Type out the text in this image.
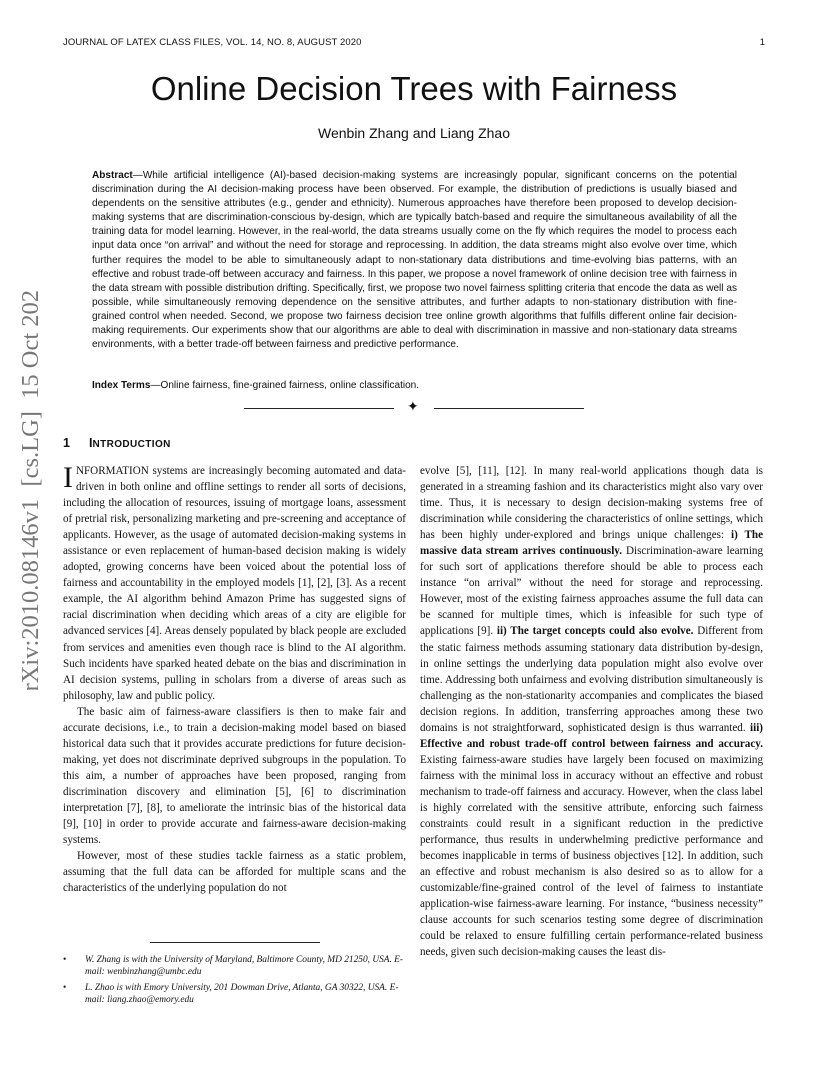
JOURNAL OF LATEX CLASS FILES, VOL. 14, NO. 8, AUGUST 2020	1
Online Decision Trees with Fairness
Wenbin Zhang and Liang Zhao
Abstract—While artificial intelligence (AI)-based decision-making systems are increasingly popular, significant concerns on the potential discrimination during the AI decision-making process have been observed. For example, the distribution of predictions is usually biased and dependents on the sensitive attributes (e.g., gender and ethnicity). Numerous approaches have therefore been proposed to develop decision-making systems that are discrimination-conscious by-design, which are typically batch-based and require the simultaneous availability of all the training data for model learning. However, in the real-world, the data streams usually come on the fly which requires the model to process each input data once “on arrival” and without the need for storage and reprocessing. In addition, the data streams might also evolve over time, which further requires the model to be able to simultaneously adapt to non-stationary data distributions and time-evolving bias patterns, with an effective and robust trade-off between accuracy and fairness. In this paper, we propose a novel framework of online decision tree with fairness in the data stream with possible distribution drifting. Specifically, first, we propose two novel fairness splitting criteria that encode the data as well as possible, while simultaneously removing dependence on the sensitive attributes, and further adapts to non-stationary distribution with fine-grained control when needed. Second, we propose two fairness decision tree online growth algorithms that fulfills different online fair decision-making requirements. Our experiments show that our algorithms are able to deal with discrimination in massive and non-stationary data streams environments, with a better trade-off between fairness and predictive performance.
Index Terms—Online fairness, fine-grained fairness, online classification.
✦
arXiv:2010.08146v1  [cs.LG]  15 Oct 2020 1 INTRODUCTION

INFORMATION systems are increasingly becoming automated and data-driven in both online and offline settings to render all sorts of decisions, including the allocation of resources, issuing of mortgage loans, assessment of pretrial risk, personalizing marketing and pre-screening and acceptance of applicants. However, as the usage of automated decision-making systems in assistance or even replacement of human-based decision making is widely adopted, growing concerns have been voiced about the potential loss of fairness and accountability in the employed models [1], [2], [3]. As a recent example, the AI algorithm behind Amazon Prime has suggested signs of racial discrimination when deciding which areas of a city are eligible for advanced services [4]. Areas densely populated by black people are excluded from services and amenities even though race is blind to the AI algorithm. Such incidents have sparked heated debate on the bias and discrimination in AI decision systems, pulling in scholars from a diverse of areas such as philosophy, law and public policy.

The basic aim of fairness-aware classifiers is then to make fair and accurate decisions, i.e., to train a decision-making model based on biased historical data such that it provides accurate predictions for future decision-making, yet does not discriminate deprived subgroups in the population. To this aim, a number of approaches have been proposed, ranging from discrimination discovery and elimination [5], [6] to discrimination interpretation [7], [8], to ameliorate the intrinsic bias of the historical data [9], [10] in order to provide accurate and fairness-aware decision-making systems.

However, most of these studies tackle fairness as a static problem, assuming that the full data can be afforded for multiple scans and the characteristics of the underlying population do not

evolve [5], [11], [12]. In many real-world applications though data is generated in a streaming fashion and its characteristics might also vary over time. Thus, it is necessary to design decision-making systems free of discrimination while considering the characteristics of online settings, which has been highly under-explored and brings unique challenges: i) The massive data stream arrives continuously. Discrimination-aware learning for such sort of applications therefore should be able to process each instance “on arrival” without the need for storage and reprocessing. However, most of the existing fairness approaches assume the full data can be scanned for multiple times, which is infeasible for such type of applications [9]. ii) The target concepts could also evolve. Different from the static fairness methods assuming stationary data distribution by-design, in online settings the underlying data population might also evolve over time. Addressing both unfairness and evolving distribution simultaneously is challenging as the non-stationarity accompanies and complicates the biased decision regions. In addition, transferring approaches among these two domains is not straightforward, sophisticated design is thus warranted. iii) Effective and robust trade-off control between fairness and accuracy. Existing fairness-aware studies have largely been focused on maximizing fairness with the minimal loss in accuracy without an effective and robust mechanism to trade-off fairness and accuracy. However, when the class label is highly correlated with the sensitive attribute, enforcing such fairness constraints could result in a significant reduction in the predictive performance, thus results in underwhelming predictive performance and becomes inapplicable in terms of business objectives [12]. In addition, such an effective and robust mechanism is also desired so as to allow for a customizable/fine-grained control of the level of fairness to instantiate application-wise fairness-aware learning. For instance, “business necessity” clause accounts for such scenarios testing some degree of discrimination could be relaxed to ensure fulfilling certain performance-related business needs, given such decision-making causes the least dis-

• W. Zhang is with the University of Maryland, Baltimore County, MD 21250, USA. E-mail: wenbinzhang@umbc.edu
• L. Zhao is with Emory University, 201 Dowman Drive, Atlanta, GA 30322, USA. E-mail: liang.zhao@emory.edu
